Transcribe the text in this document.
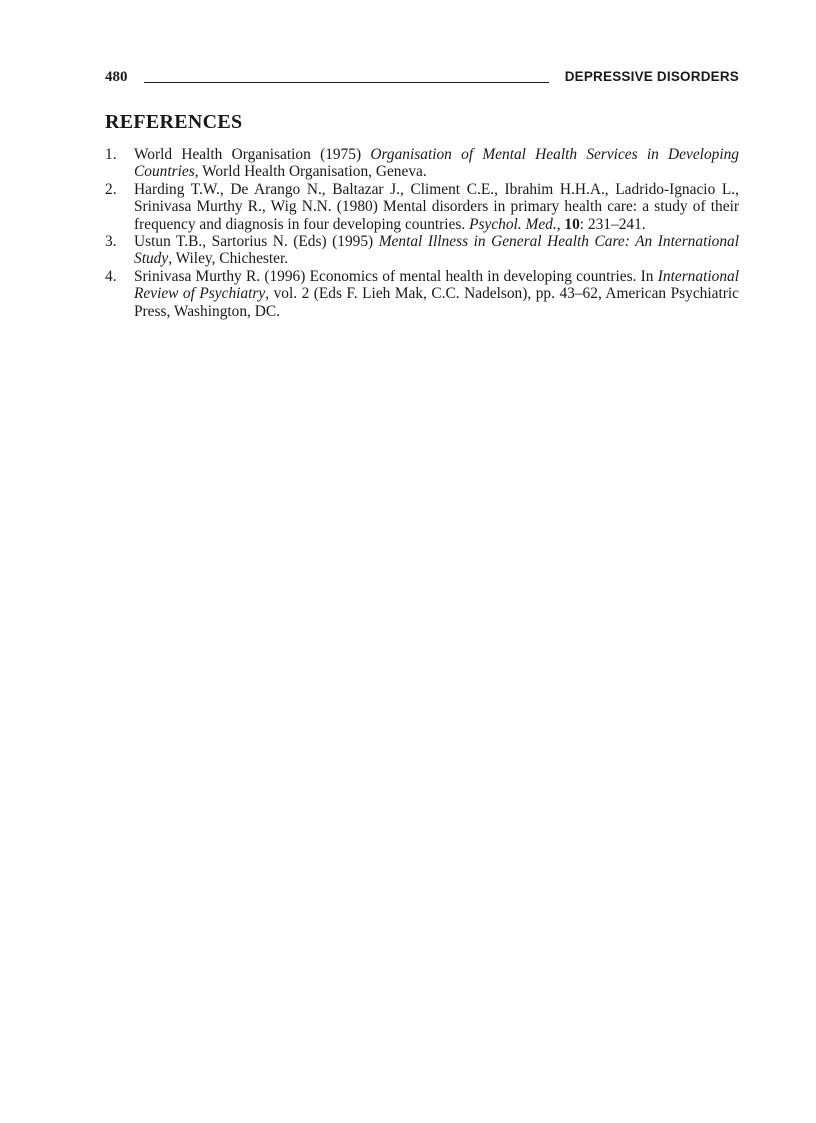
480	DEPRESSIVE DISORDERS
REFERENCES
1.	World Health Organisation (1975) Organisation of Mental Health Services in Developing Countries, World Health Organisation, Geneva.
2.	Harding T.W., De Arango N., Baltazar J., Climent C.E., Ibrahim H.H.A., Ladrido-Ignacio L., Srinivasa Murthy R., Wig N.N. (1980) Mental disorders in primary health care: a study of their frequency and diagnosis in four developing countries. Psychol. Med., 10: 231–241.
3.	Ustun T.B., Sartorius N. (Eds) (1995) Mental Illness in General Health Care: An International Study, Wiley, Chichester.
4.	Srinivasa Murthy R. (1996) Economics of mental health in developing countries. In International Review of Psychiatry, vol. 2 (Eds F. Lieh Mak, C.C. Nadelson), pp. 43–62, American Psychiatric Press, Washington, DC.
